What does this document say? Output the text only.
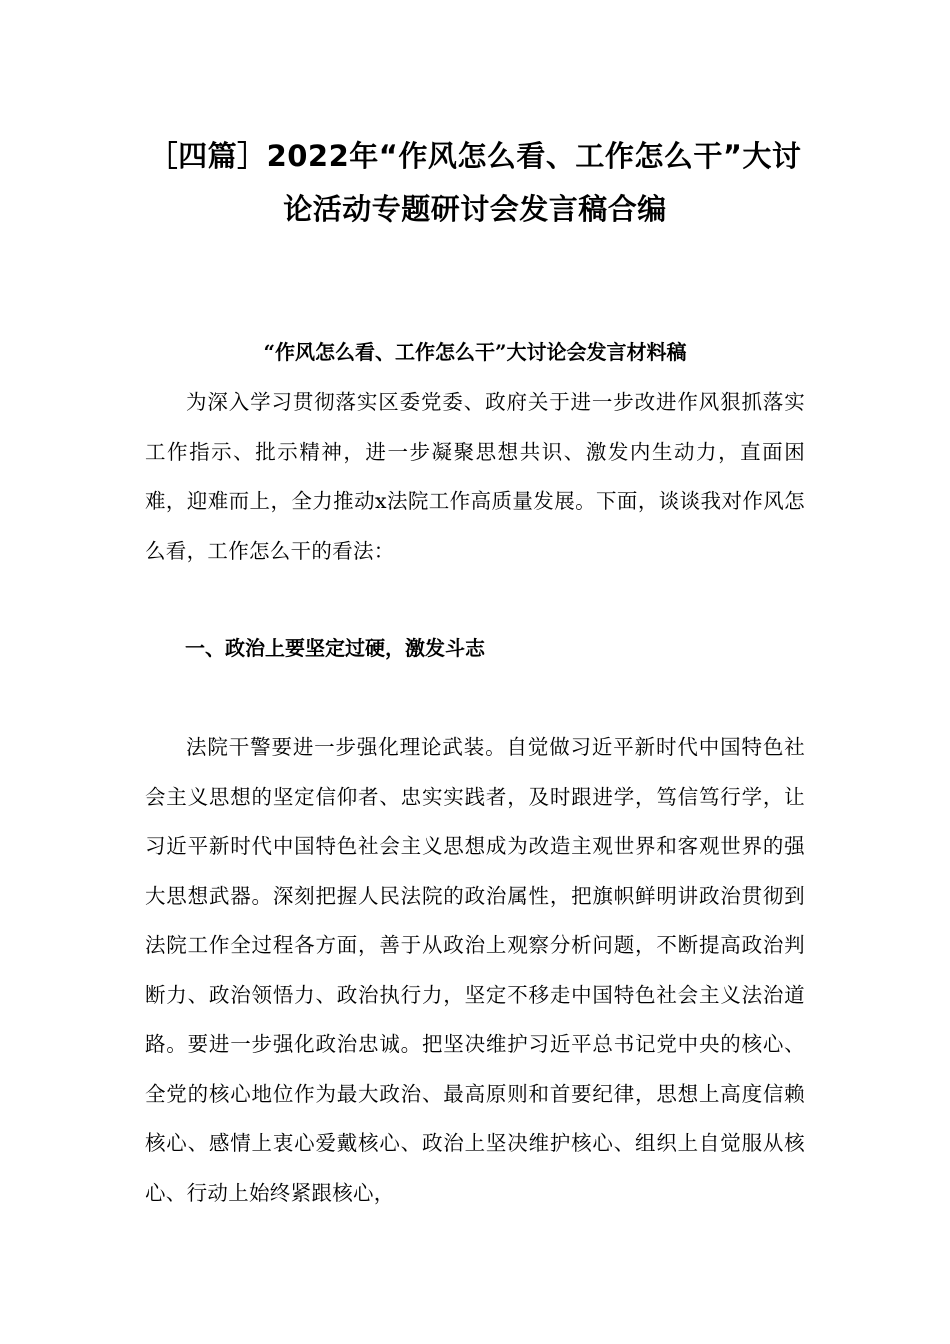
［四篇］2022年“作风怎么看、工作怎么干”大讨
论活动专题研讨会发言稿合编
“作风怎么看、工作怎么干”大讨论会发言材料稿

为深入学习贯彻落实区委党委、政府关于进一步改进作风狠抓落实工作指示、批示精神，进一步凝聚思想共识、激发内生动力，直面困难，迎难而上，全力推动x法院工作高质量发展。下面，谈谈我对作风怎么看，工作怎么干的看法：

一、政治上要坚定过硬，激发斗志

法院干警要进一步强化理论武装。自觉做习近平新时代中国特色社会主义思想的坚定信仰者、忠实实践者，及时跟进学，笃信笃行学，让习近平新时代中国特色社会主义思想成为改造主观世界和客观世界的强大思想武器。深刻把握人民法院的政治属性，把旗帜鲜明讲政治贯彻到法院工作全过程各方面，善于从政治上观察分析问题，不断提高政治判断力、政治领悟力、政治执行力，坚定不移走中国特色社会主义法治道路。要进一步强化政治忠诚。把坚决维护习近平总书记党中央的核心、全党的核心地位作为最大政治、最高原则和首要纪律，思想上高度信赖核心、感情上衷心爱戴核心、政治上坚决维护核心、组织上自觉服从核心、行动上始终紧跟核心，
